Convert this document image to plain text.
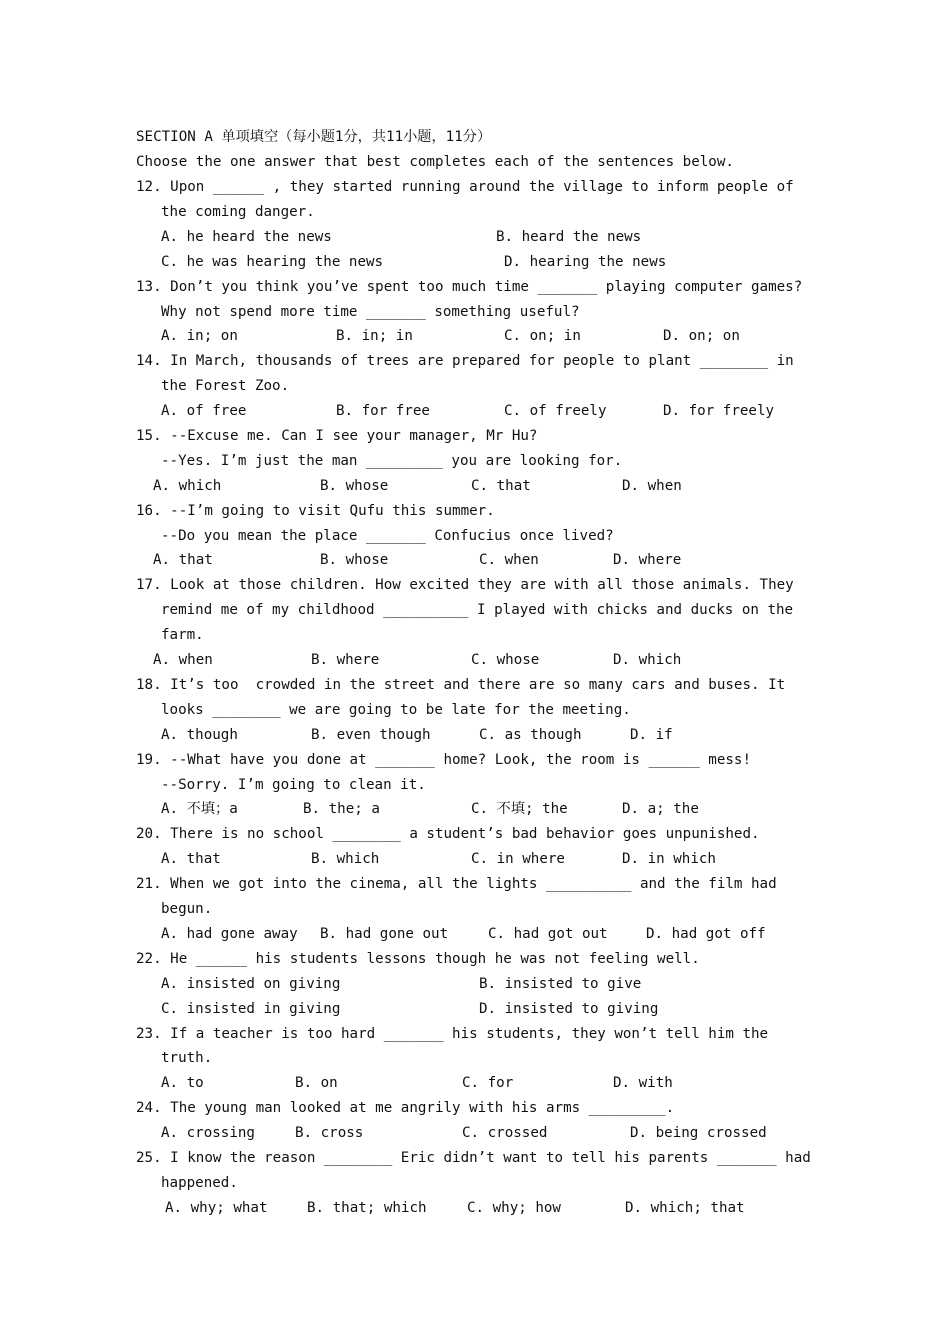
SECTION A 单项填空（每小题1分，共11小题，11分）
Choose the one answer that best completes each of the sentences below.
12. Upon ______ , they started running around the village to inform people of
the coming danger.
A. he heard the news	B. heard the news
C. he was hearing the news	D. hearing the news
13. Don’t you think you’ve spent too much time _______ playing computer games?
Why not spend more time _______ something useful?
A. in; on	B. in; in	C. on; in	D. on; on
14. In March, thousands of trees are prepared for people to plant ________ in
the Forest Zoo.
A. of free	B. for free	C. of freely	D. for freely
15. --Excuse me. Can I see your manager, Mr Hu?
--Yes. I’m just the man _________ you are looking for.
A. which	B. whose	C. that	D. when
16. --I’m going to visit Qufu this summer.
--Do you mean the place _______ Confucius once lived?
A. that	B. whose	C. when	D. where
17. Look at those children. How excited they are with all those animals. They
remind me of my childhood __________ I played with chicks and ducks on the
farm.
A. when	B. where	C. whose	D. which
18. It’s too  crowded in the street and there are so many cars and buses. It
looks ________ we are going to be late for the meeting.
A. though	B. even though	C. as though	D. if
19. --What have you done at _______ home? Look, the room is ______ mess!
--Sorry. I’m going to clean it.
A. 不填；a	B. the; a	C. 不填; the	D. a; the
20. There is no school ________ a student’s bad behavior goes unpunished.
A. that	B. which	C. in where	D. in which
21. When we got into the cinema, all the lights __________ and the film had
begun.
A. had gone away B. had gone out	C. had got out	D. had got off
22. He ______ his students lessons though he was not feeling well.
A. insisted on giving	B. insisted to give
C. insisted in giving	D. insisted to giving
23. If a teacher is too hard _______ his students, they won’t tell him the
truth.
A. to	B. on	C. for	D. with
24. The young man looked at me angrily with his arms _________.
A. crossing	B. cross	C. crossed	D. being crossed
25. I know the reason ________ Eric didn’t want to tell his parents _______ had
happened.
A. why; what	B. that; which	C. why; how	D. which; that
